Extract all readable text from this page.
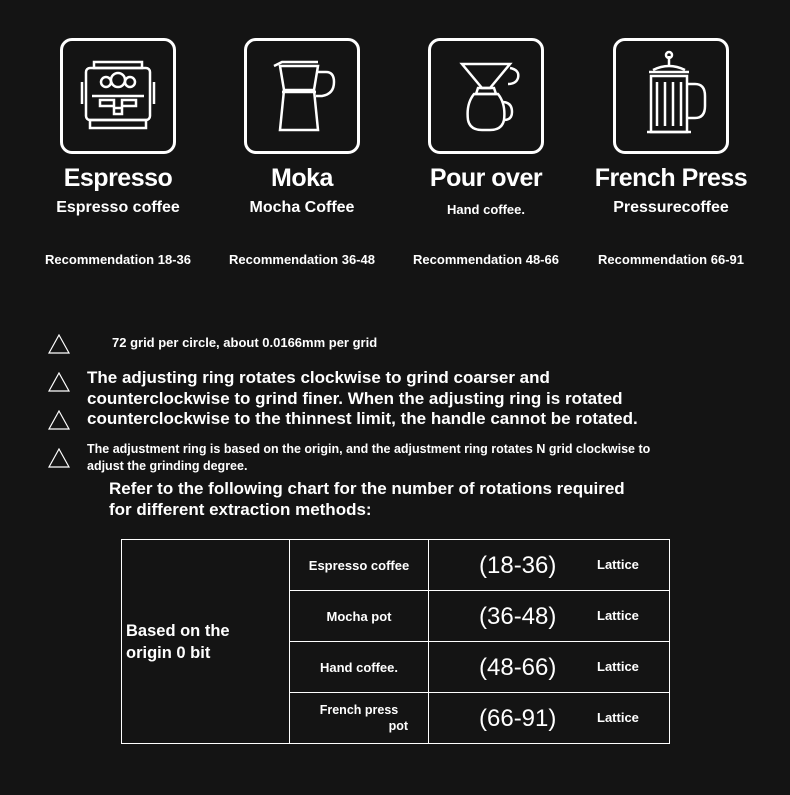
Espresso
Espresso coffee
Recommendation 18-36
Moka
Mocha Coffee
Recommendation 36-48
Pour over
Hand coffee.
Recommendation 48-66
French Press
Pressurecoffee
Recommendation 66-91
72 grid per circle, about 0.0166mm per grid
The adjusting ring rotates clockwise to grind coarser and
counterclockwise to grind finer. When the adjusting ring is rotated
counterclockwise to the thinnest limit, the handle cannot be rotated.
The adjustment ring is based on the origin, and the adjustment ring rotates N grid clockwise to
adjust the grinding degree.
Refer to the following chart for the number of rotations required
for different extraction methods:
Based on the
origin 0 bit
Espresso coffee	(18-36)	Lattice
Mocha pot	(36-48)	Lattice
Hand coffee.	(48-66)	Lattice
French press
pot	(66-91)	Lattice
